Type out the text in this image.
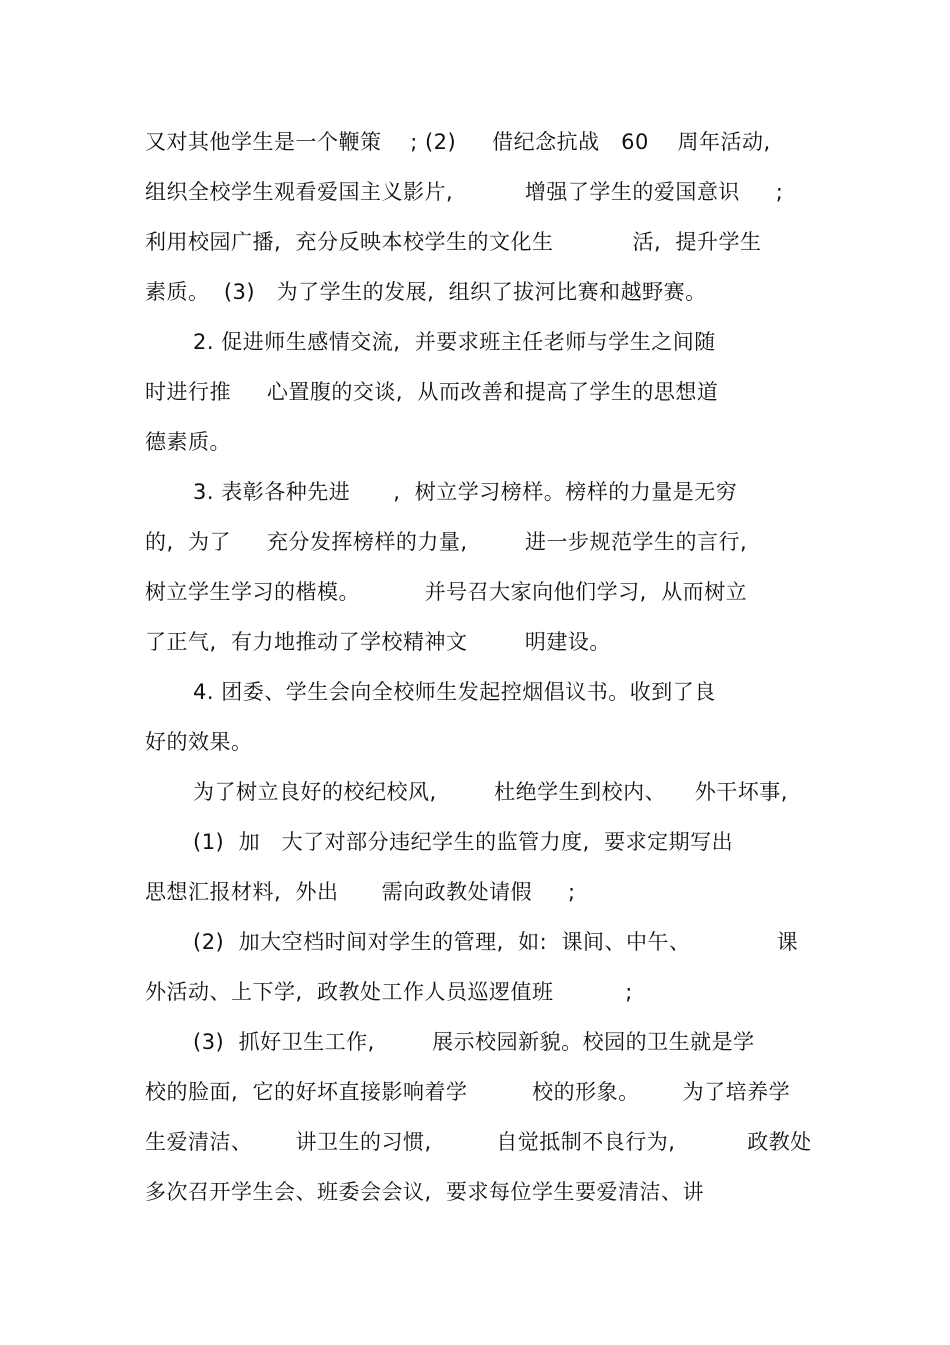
又对其他学生是一个鞭策    ; (2)     借纪念抗战   60    周年活动,
组织全校学生观看爱国主义影片,          增强了学生的爱国意识     ;
利用校园广播,  充分反映本校学生的文化生           活,  提升学生
素质。  (3)   为了学生的发展,  组织了拔河比赛和越野赛。
2. 促进师生感情交流,  并要求班主任老师与学生之间随
时进行推     心置腹的交谈,  从而改善和提高了学生的思想道
德素质。
3. 表彰各种先进      ,  树立学习榜样。榜样的力量是无穷
的,  为了     充分发挥榜样的力量,        进一步规范学生的言行,
树立学生学习的楷模。         并号召大家向他们学习,  从而树立
了正气,  有力地推动了学校精神文        明建设。
4. 团委、学生会向全校师生发起控烟倡议书。收到了良
好的效果。
为了树立良好的校纪校风,        杜绝学生到校内、    外干坏事,
(1)  加   大了对部分违纪学生的监管力度,  要求定期写出
思想汇报材料,  外出      需向政教处请假     ;
(2)  加大空档时间对学生的管理,  如:  课间、中午、            课
外活动、上下学,  政教处工作人员巡逻值班          ;
(3)  抓好卫生工作,        展示校园新貌。校园的卫生就是学
校的脸面,  它的好坏直接影响着学         校的形象。      为了培养学
生爱清洁、      讲卫生的习惯,         自觉抵制不良行为,          政教处
多次召开学生会、班委会会议,  要求每位学生要爱清洁、讲
